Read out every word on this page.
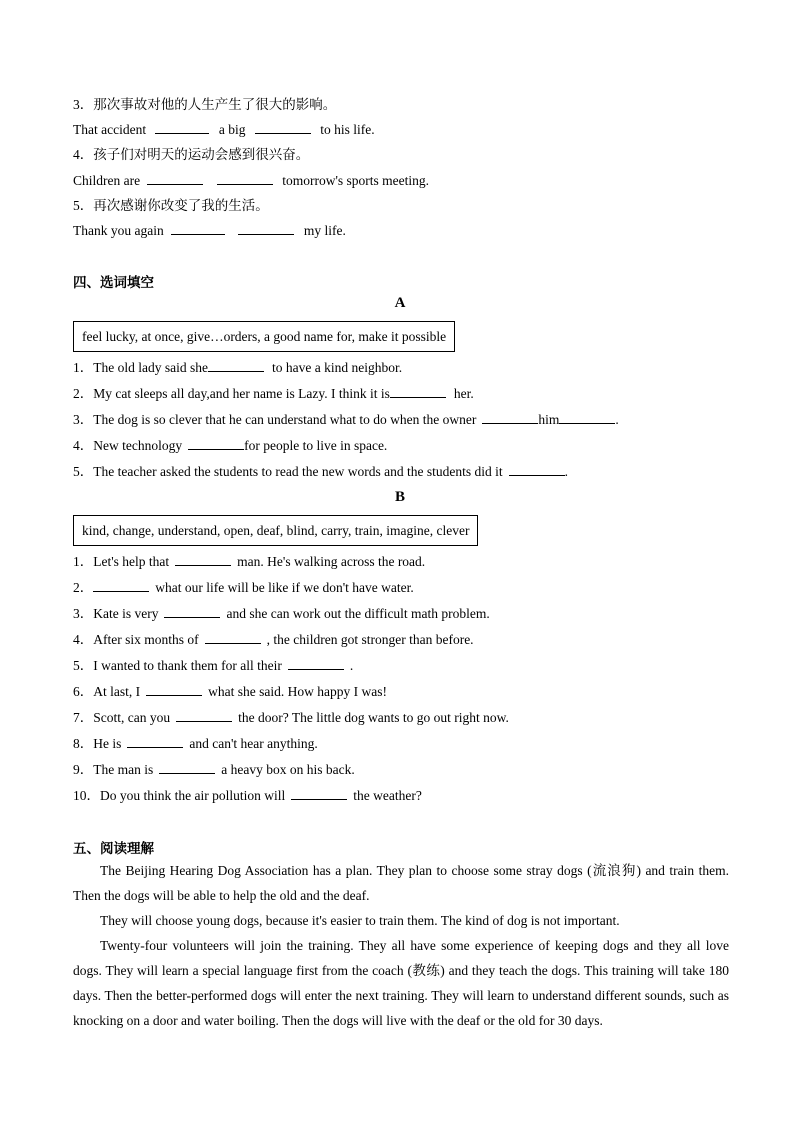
3．那次事故对他的人生产生了很大的影响。
That accident	a big	to his life.
4．孩子们对明天的运动会感到很兴奋。
Children are	tomorrow's sports meeting.
5．再次感谢你改变了我的生活。
Thank you again	my life.
四、选词填空
A
feel lucky, at once, give…orders, a good name for, make it possible
1．The old lady said she	to have a kind neighbor.
2．My cat sleeps all day,and her name is Lazy. I think it is	her.
3．The dog is so clever that he can understand what to do when the owner	him	.
4．New technology	for people to live in space.
5．The teacher asked the students to read the new words and the students did it	.
B
kind, change, understand, open, deaf, blind, carry, train, imagine, clever
1．Let's help that	man. He's walking across the road.
2．	what our life will be like if we don't have water.
3．Kate is very	and she can work out the difficult math problem.
4．After six months of	, the children got stronger than before.
5．I wanted to thank them for all their	.
6．At last, I	what she said. How happy I was!
7．Scott, can you	the door? The little dog wants to go out right now.
8．He is	and can't hear anything.
9．The man is	a heavy box on his back.
10．Do you think the air pollution will	the weather?
五、阅读理解

The Beijing Hearing Dog Association has a plan. They plan to choose some stray dogs (流浪狗) and train them. Then the dogs will be able to help the old and the deaf.

They will choose young dogs, because it's easier to train them. The kind of dog is not important.

Twenty-four volunteers will join the training. They all have some experience of keeping dogs and they all love dogs. They will learn a special language first from the coach (教练) and they teach the dogs. This training will take 180 days. Then the better-performed dogs will enter the next training. They will learn to understand different sounds, such as knocking on a door and water boiling. Then the dogs will live with the deaf or the old for 30 days.
